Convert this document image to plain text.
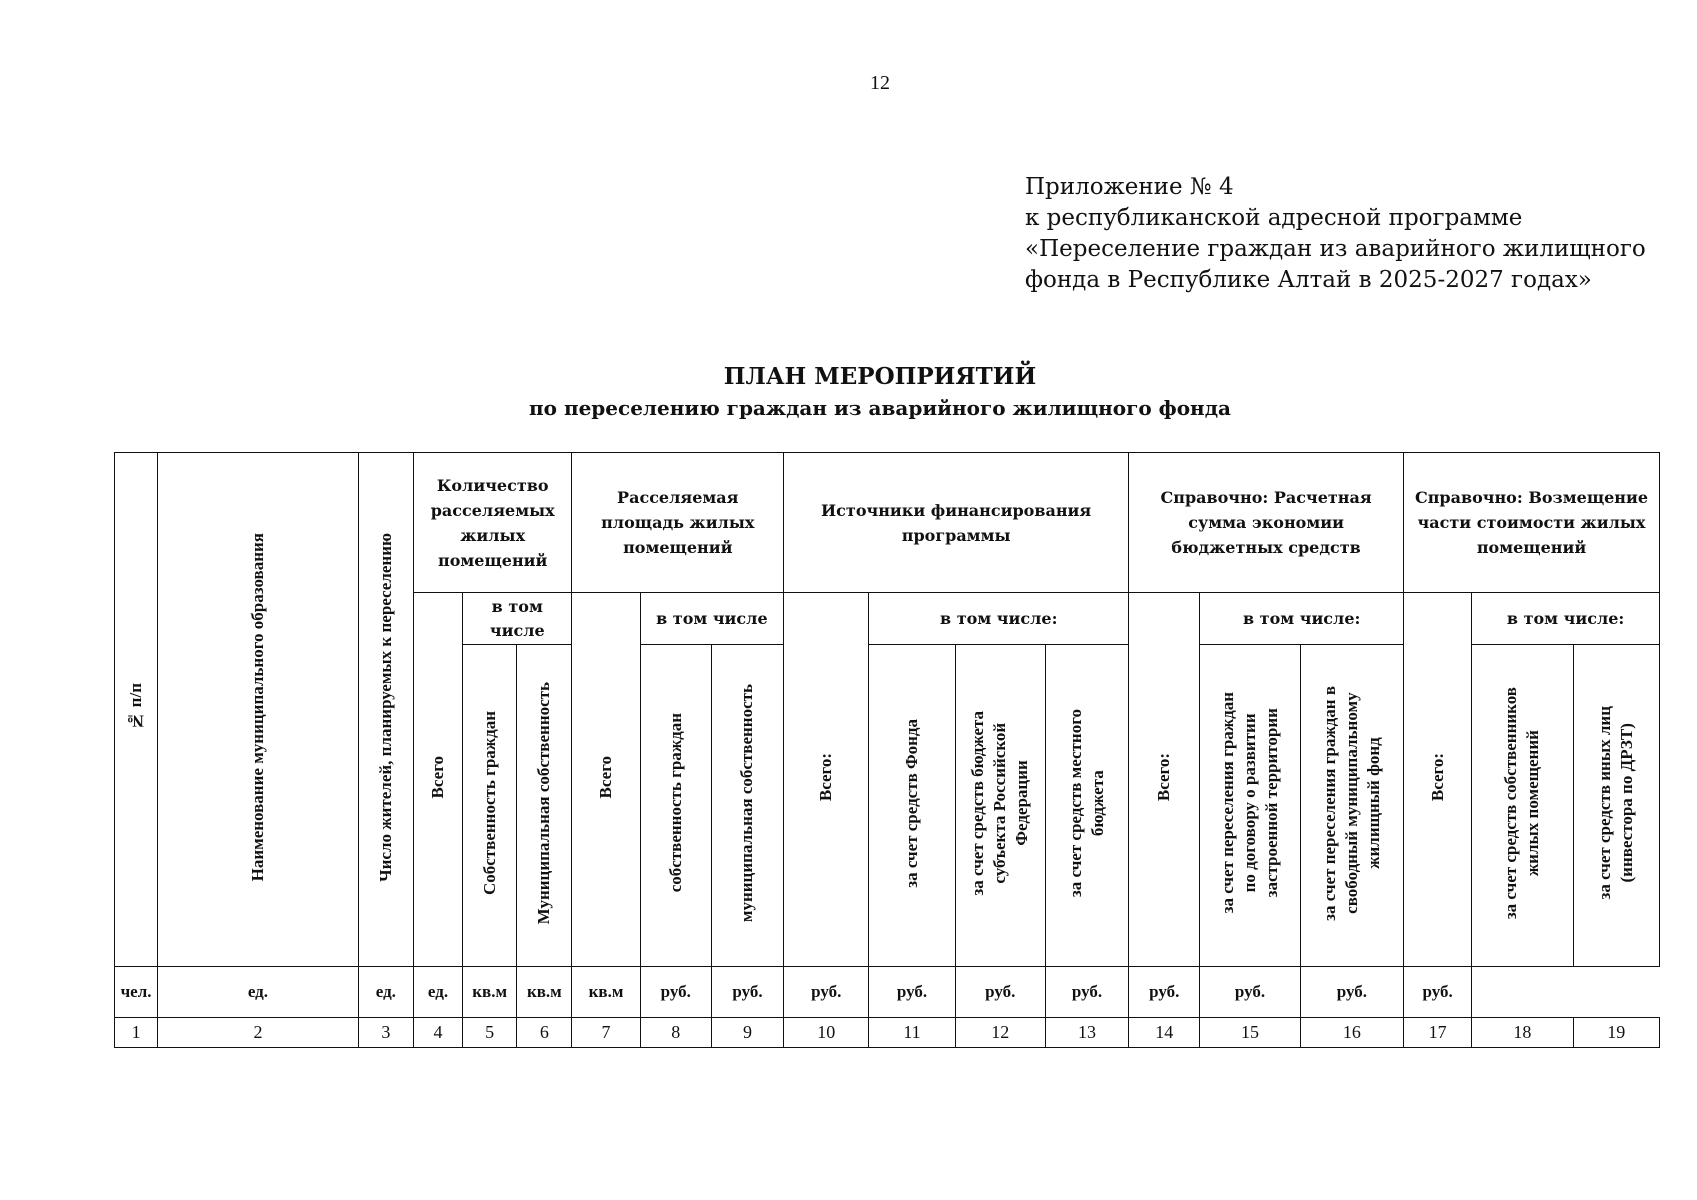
12
Приложение № 4
к республиканской адресной программе
«Переселение граждан из аварийного жилищного
фонда в Республике Алтай в 2025-2027 годах»
ПЛАН МЕРОПРИЯТИЙ
по переселению граждан из аварийного жилищного фонда
№ п/п	Наименование муниципального образования	Число жителей, планируемых к переселению	Количество расселяемых жилых помещений			Расселяемая площадь жилых помещений			Источники финансирования программы				Справочно: Расчетная сумма экономии бюджетных средств			Справочно: Возмещение части стоимости жилых помещений		
			Всего	в том числе		Всего	в том числе		Всего:	в том числе:			Всего:	в том числе:		Всего:	в том числе:	
				Собственность граждан	Муниципальная собственность		собственность граждан	муниципальная собственность		за счет средств Фонда	за счет средств бюджета субъекта Российской Федерации	за счет средств местного бюджета		за счет переселения граждан по договору о развитии застроенной территории	за счет переселения граждан в свободный муниципальному жилищный фонд		за счет средств собственников жилых помещений	за счет средств иных лиц (инвестора по ДРЗТ)
чел.	ед.	ед.	ед.	кв.м	кв.м	кв.м	руб.	руб.	руб.	руб.	руб.	руб.	руб.	руб.	руб.	руб.		
1	2	3	4	5	6	7	8	9	10	11	12	13	14	15	16	17	18	19
